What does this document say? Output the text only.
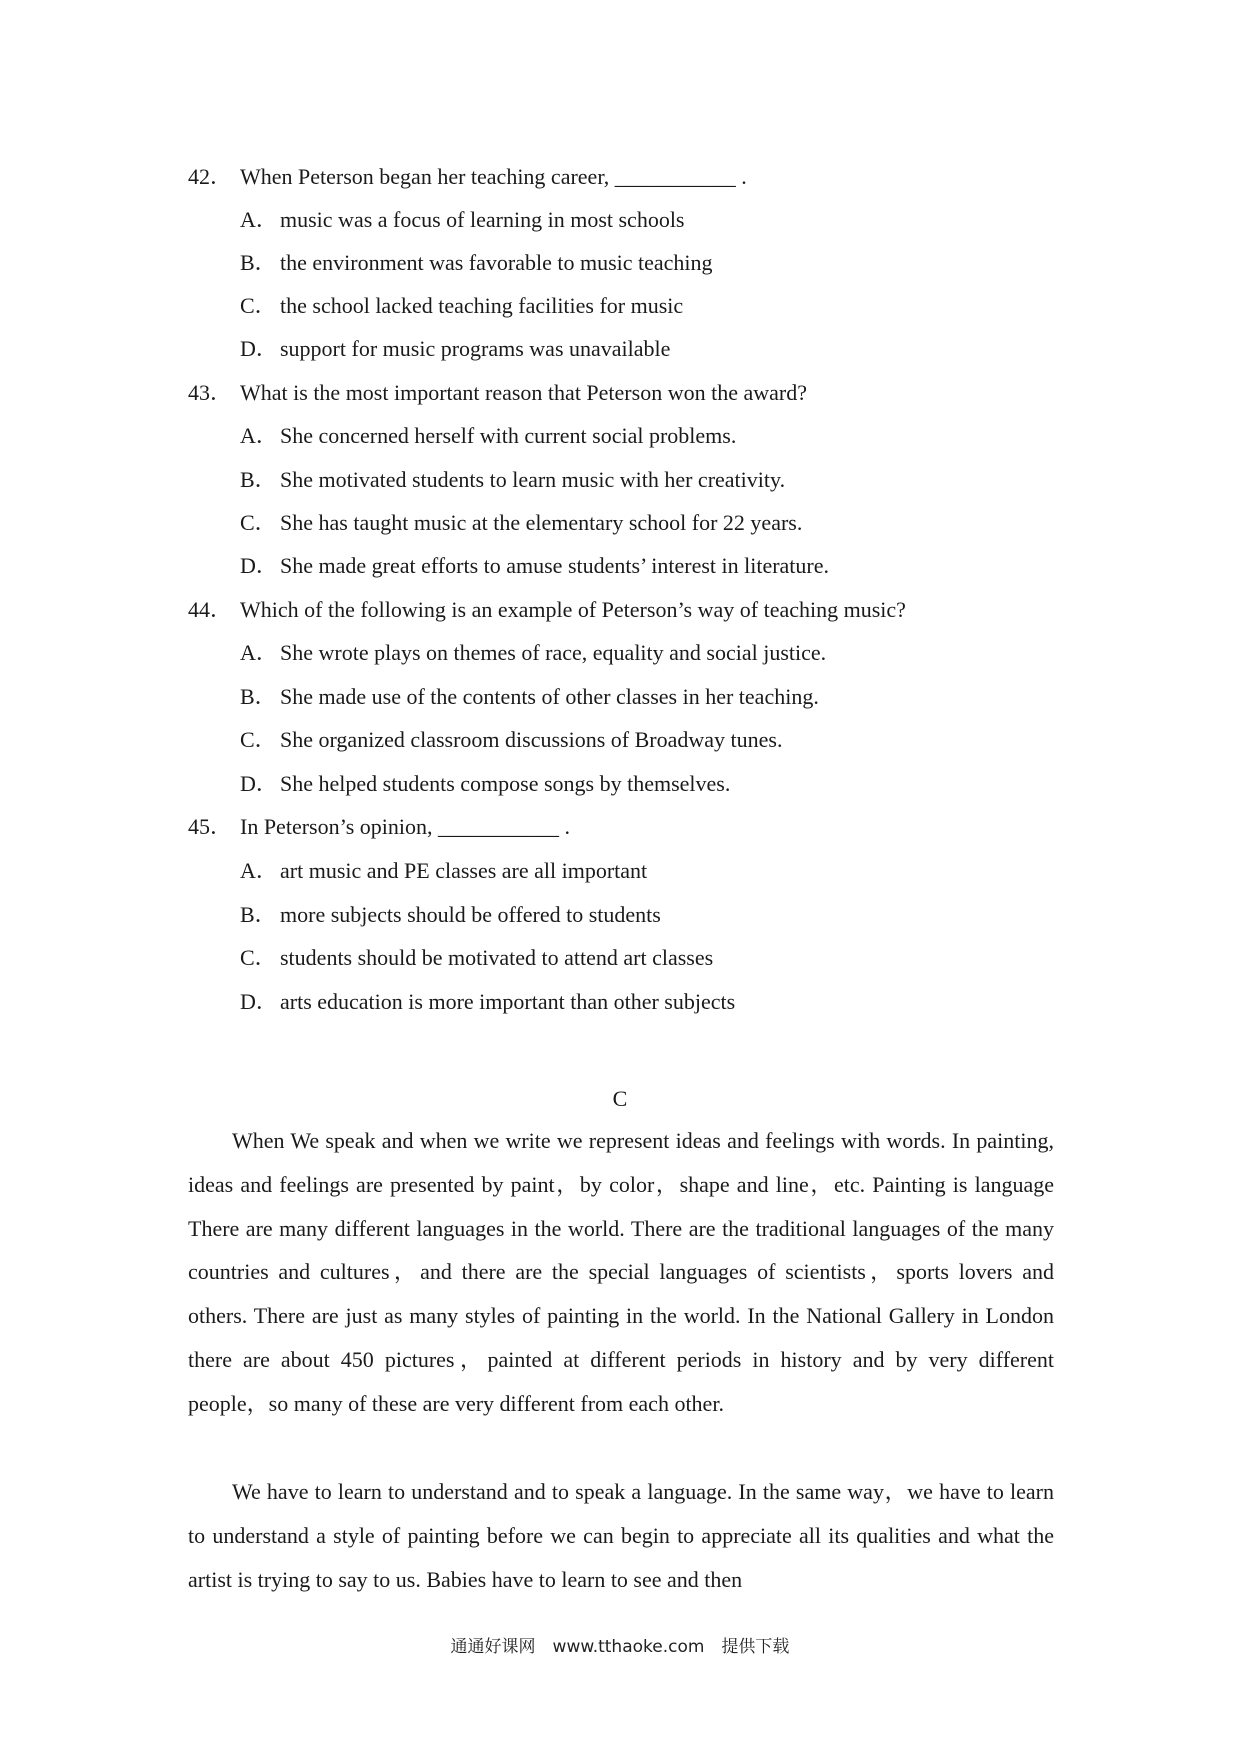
42． When Peterson began her teaching career, ___________ .
A．music was a focus of learning in most schools
B． the environment was favorable to music teaching
C． the school lacked teaching facilities for music
D．support for music programs was unavailable
43． What is the most important reason that Peterson won the award?
A．She concerned herself with current social problems.
B． She motivated students to learn music with her creativity.
C． She has taught music at the elementary school for 22 years.
D．She made great efforts to amuse students’ interest in literature.
44． Which of the following is an example of Peterson’s way of teaching music?
A．She wrote plays on themes of race, equality and social justice.
B． She made use of the contents of other classes in her teaching.
C． She organized classroom discussions of Broadway tunes.
D．She helped students compose songs by themselves.
45． In Peterson’s opinion, ___________ .
A．art music and PE classes are all important
B． more subjects should be offered to students
C． students should be motivated to attend art classes
D．arts education is more important than other subjects
C

When We speak and when we write we represent ideas and feelings with words. In painting, ideas and feelings are presented by paint，by color，shape and line，etc. Painting is language　There are many different languages in the world. There are the traditional languages of the many countries and cultures，and there are the special languages of scientists，sports lovers and others. There are just as many styles of painting in the world. In the National Gallery in London there are about 450 pictures，painted at different periods in history and by very different people，so many of these are very different from each other.

We have to learn to understand and to speak a language. In the same way，we have to learn to understand a style of painting before we can begin to appreciate all its qualities and what the artist is trying to say to us. Babies have to learn to see and then

通通好课网　www.tthaoke.com　提供下载
